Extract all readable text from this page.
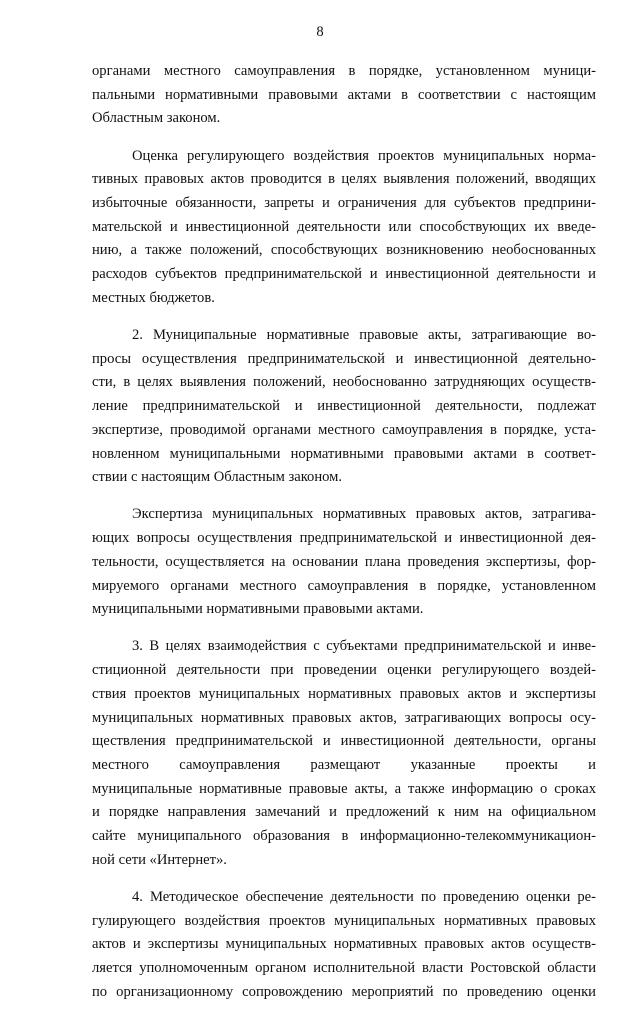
8

органами местного самоуправления в порядке, установленном муници-
пальными нормативными правовыми актами в соответствии с настоящим
Областным законом.

Оценка регулирующего воздействия проектов муниципальных норма-
тивных правовых актов проводится в целях выявления положений, вводящих
избыточные обязанности, запреты и ограничения для субъектов предприни-
мательской и инвестиционной деятельности или способствующих их введе-
нию, а также положений, способствующих возникновению необоснованных
расходов субъектов предпринимательской и инвестиционной деятельности и
местных бюджетов.

2. Муниципальные нормативные правовые акты, затрагивающие во-
просы осуществления предпринимательской и инвестиционной деятельно-
сти, в целях выявления положений, необоснованно затрудняющих осуществ-
ление предпринимательской и инвестиционной деятельности, подлежат
экспертизе, проводимой органами местного самоуправления в порядке, уста-
новленном муниципальными нормативными правовыми актами в соответ-
ствии с настоящим Областным законом.

Экспертиза муниципальных нормативных правовых актов, затрагива-
ющих вопросы осуществления предпринимательской и инвестиционной дея-
тельности, осуществляется на основании плана проведения экспертизы, фор-
мируемого органами местного самоуправления в порядке, установленном
муниципальными нормативными правовыми актами.

3. В целях взаимодействия с субъектами предпринимательской и инве-
стиционной деятельности при проведении оценки регулирующего воздей-
ствия проектов муниципальных нормативных правовых актов и экспертизы
муниципальных нормативных правовых актов, затрагивающих вопросы осу-
ществления предпринимательской и инвестиционной деятельности, органы
местного самоуправления размещают указанные проекты и
муниципальные нормативные правовые акты, а также информацию о сроках
и порядке направления замечаний и предложений к ним на официальном
сайте муниципального образования в информационно-телекоммуникацион-
ной сети «Интернет».

4. Методическое обеспечение деятельности по проведению оценки ре-
гулирующего воздействия проектов муниципальных нормативных правовых
актов и экспертизы муниципальных нормативных правовых актов осуществ-
ляется уполномоченным органом исполнительной власти Ростовской области
по организационному сопровождению мероприятий по проведению оценки
